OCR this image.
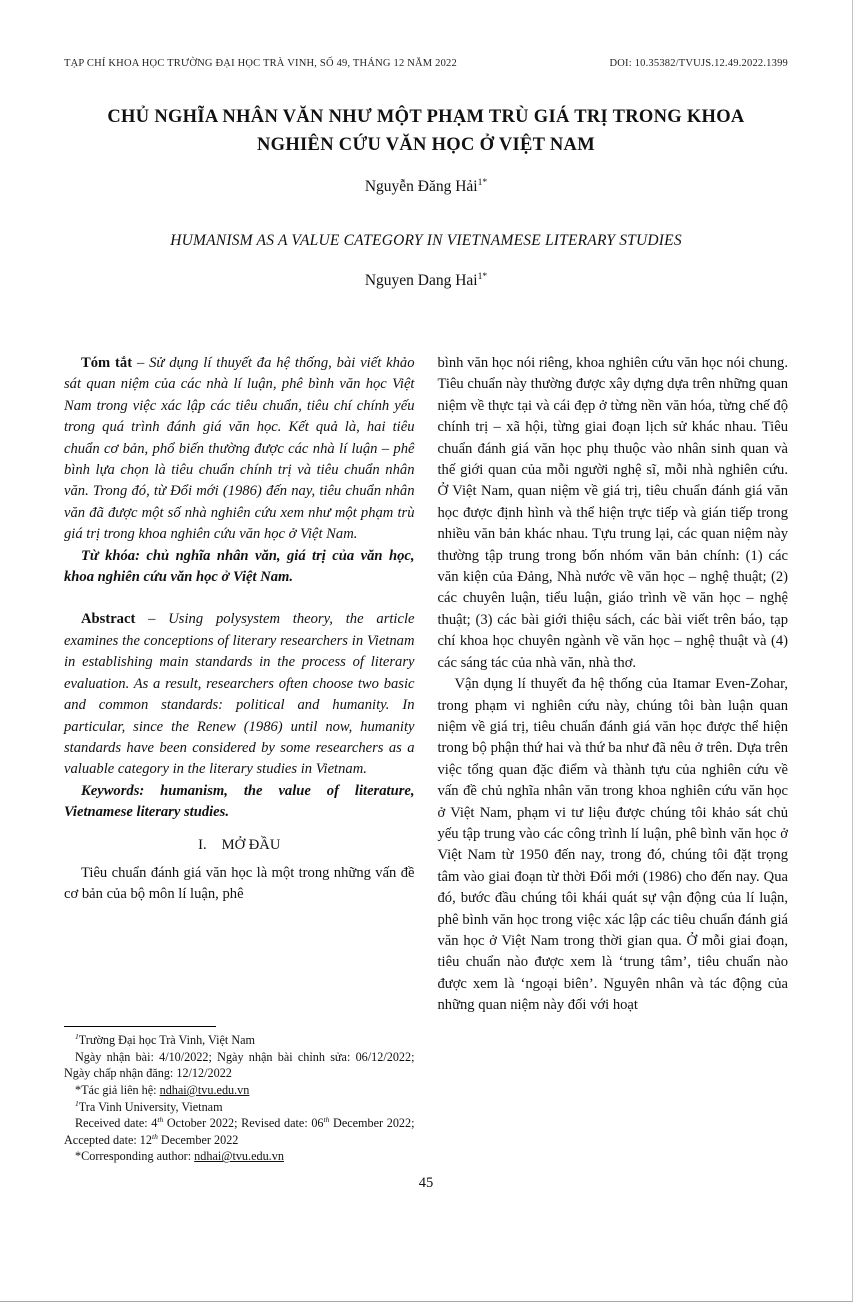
TẠP CHÍ KHOA HỌC TRƯỜNG ĐẠI HỌC TRÀ VINH, SỐ 49, THÁNG 12 NĂM 2022	DOI: 10.35382/TVUJS.12.49.2022.1399
CHỦ NGHĨA NHÂN VĂN NHƯ MỘT PHẠM TRÙ GIÁ TRỊ TRONG KHOA NGHIÊN CỨU VĂN HỌC Ở VIỆT NAM
Nguyễn Đăng Hải$^{1*}$
HUMANISM AS A VALUE CATEGORY IN VIETNAMESE LITERARY STUDIES
Nguyen Dang Hai$^{1*}$

Tóm tắt – Sử dụng lí thuyết đa hệ thống, bài viết khảo sát quan niệm của các nhà lí luận, phê bình văn học Việt Nam trong việc xác lập các tiêu chuẩn, tiêu chí chính yếu trong quá trình đánh giá văn học. Kết quả là, hai tiêu chuẩn cơ bản, phổ biến thường được các nhà lí luận – phê bình lựa chọn là tiêu chuẩn chính trị và tiêu chuẩn nhân văn. Trong đó, từ Đổi mới (1986) đến nay, tiêu chuẩn nhân văn đã được một số nhà nghiên cứu xem như một phạm trù giá trị trong khoa nghiên cứu văn học ở Việt Nam.

Từ khóa: chủ nghĩa nhân văn, giá trị của văn học, khoa nghiên cứu văn học ở Việt Nam.

Abstract – Using polysystem theory, the article examines the conceptions of literary researchers in Vietnam in establishing main standards in the process of literary evaluation. As a result, researchers often choose two basic and common standards: political and humanity. In particular, since the Renew (1986) until now, humanity standards have been considered by some researchers as a valuable category in the literary studies in Vietnam.

Keywords: humanism, the value of literature, Vietnamese literary studies.

I. MỞ ĐẦU

Tiêu chuẩn đánh giá văn học là một trong những vấn đề cơ bản của bộ môn lí luận, phê

$^1$Trường Đại học Trà Vinh, Việt Nam

Ngày nhận bài: 4/10/2022; Ngày nhận bài chỉnh sửa: 06/12/2022; Ngày chấp nhận đăng: 12/12/2022

*Tác giả liên hệ: ndhai@tvu.edu.vn

$^1$Tra Vinh University, Vietnam

Received date: 4th October 2022; Revised date: 06th December 2022; Accepted date: 12th December 2022

*Corresponding author: ndhai@tvu.edu.vn

bình văn học nói riêng, khoa nghiên cứu văn học nói chung. Tiêu chuẩn này thường được xây dựng dựa trên những quan niệm về thực tại và cái đẹp ở từng nền văn hóa, từng chế độ chính trị – xã hội, từng giai đoạn lịch sử khác nhau. Tiêu chuẩn đánh giá văn học phụ thuộc vào nhân sinh quan và thế giới quan của mỗi người nghệ sĩ, mỗi nhà nghiên cứu. Ở Việt Nam, quan niệm về giá trị, tiêu chuẩn đánh giá văn học được định hình và thể hiện trực tiếp và gián tiếp trong nhiều văn bản khác nhau. Tựu trung lại, các quan niệm này thường tập trung trong bốn nhóm văn bản chính: (1) các văn kiện của Đảng, Nhà nước về văn học – nghệ thuật; (2) các chuyên luận, tiểu luận, giáo trình về văn học – nghệ thuật; (3) các bài giới thiệu sách, các bài viết trên báo, tạp chí khoa học chuyên ngành về văn học – nghệ thuật và (4) các sáng tác của nhà văn, nhà thơ.

Vận dụng lí thuyết đa hệ thống của Itamar Even-Zohar, trong phạm vi nghiên cứu này, chúng tôi bàn luận quan niệm về giá trị, tiêu chuẩn đánh giá văn học được thể hiện trong bộ phận thứ hai và thứ ba như đã nêu ở trên. Dựa trên việc tổng quan đặc điểm và thành tựu của nghiên cứu về vấn đề chủ nghĩa nhân văn trong khoa nghiên cứu văn học ở Việt Nam, phạm vi tư liệu được chúng tôi khảo sát chủ yếu tập trung vào các công trình lí luận, phê bình văn học ở Việt Nam từ 1950 đến nay, trong đó, chúng tôi đặt trọng tâm vào giai đoạn từ thời Đổi mới (1986) cho đến nay. Qua đó, bước đầu chúng tôi khái quát sự vận động của lí luận, phê bình văn học trong việc xác lập các tiêu chuẩn đánh giá văn học ở Việt Nam trong thời gian qua. Ở mỗi giai đoạn, tiêu chuẩn nào được xem là ‘trung tâm’, tiêu chuẩn nào được xem là ‘ngoại biên’. Nguyên nhân và tác động của những quan niệm này đối với hoạt

45
